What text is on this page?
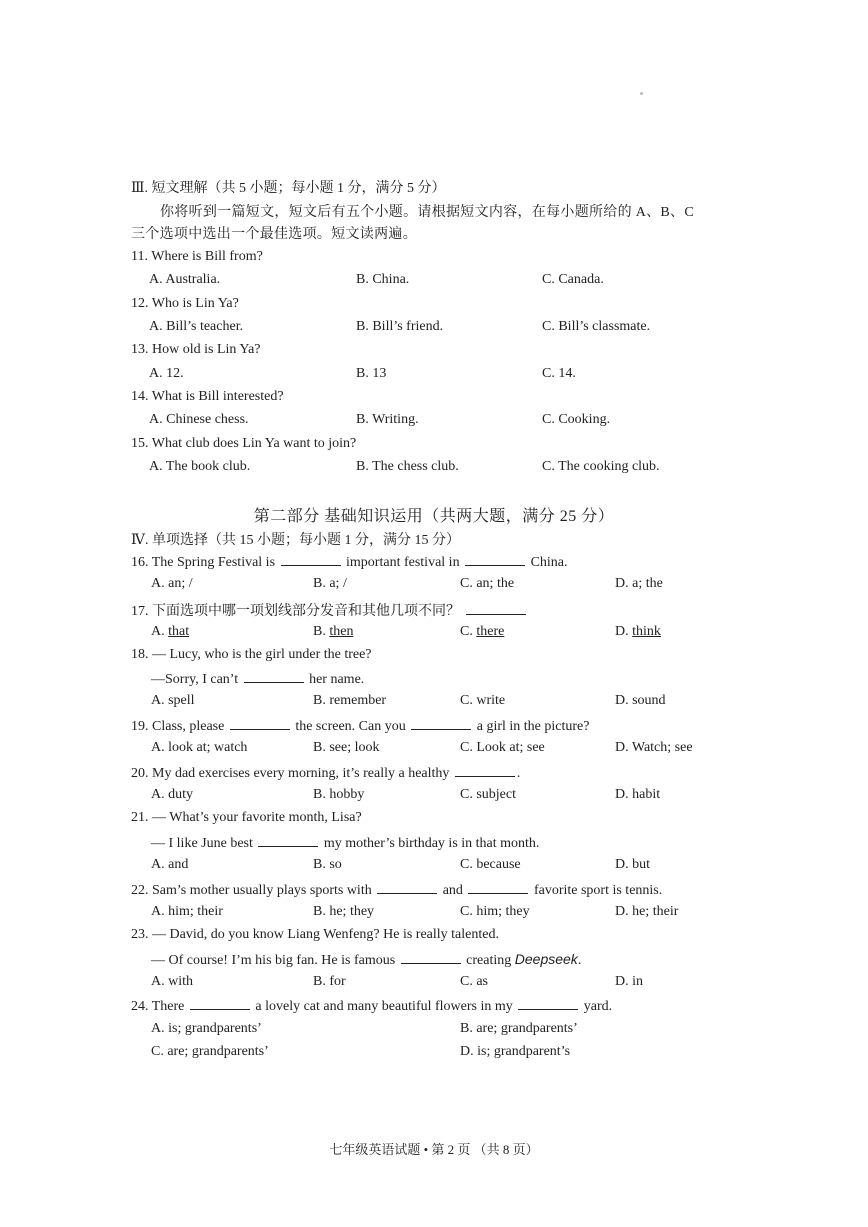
Ⅲ. 短文理解（共 5 小题；每小题 1 分，满分 5 分）
你将听到一篇短文，短文后有五个小题。请根据短文内容，在每小题所给的 A、B、C
三个选项中选出一个最佳选项。短文读两遍。
11. Where is Bill from?
A. Australia.	B. China.	C. Canada.
12. Who is Lin Ya?
A. Bill’s teacher.	B. Bill’s friend.	C. Bill’s classmate.
13. How old is Lin Ya?
A. 12.	B. 13	C. 14.
14. What is Bill interested?
A. Chinese chess.	B. Writing.	C. Cooking.
15. What club does Lin Ya want to join?
A. The book club.	B. The chess club.	C. The cooking club.
第二部分 基础知识运用（共两大题，满分 25 分）
Ⅳ. 单项选择（共 15 小题；每小题 1 分，满分 15 分）
16. The Spring Festival is	important festival in	China.
A. an; /	B. a; /	C. an; the	D. a; the
17. 下面选项中哪一项划线部分发音和其他几项不同？
A. that	B. then	C. there	D. think
18. — Lucy, who is the girl under the tree?
—Sorry, I can’t	her name.
A. spell	B. remember	C. write	D. sound
19. Class, please	the screen. Can you	a girl in the picture?
A. look at; watch	B. see; look	C. Look at; see	D. Watch; see
20. My dad exercises every morning, it’s really a healthy	.
A. duty	B. hobby	C. subject	D. habit
21. — What’s your favorite month, Lisa?
— I like June best	my mother’s birthday is in that month.
A. and	B. so	C. because	D. but
22. Sam’s mother usually plays sports with	and	favorite sport is tennis.
A. him; their	B. he; they	C. him; they	D. he; their
23. — David, do you know Liang Wenfeng? He is really talented.
— Of course! I’m his big fan. He is famous	creating Deepseek.
A. with	B. for	C. as	D. in
24. There	a lovely cat and many beautiful flowers in my	yard.
A. is; grandparents’	B. are; grandparents’
C. are; grandparents’	D. is; grandparent’s
七年级英语试题 • 第 2 页 （共 8 页）
